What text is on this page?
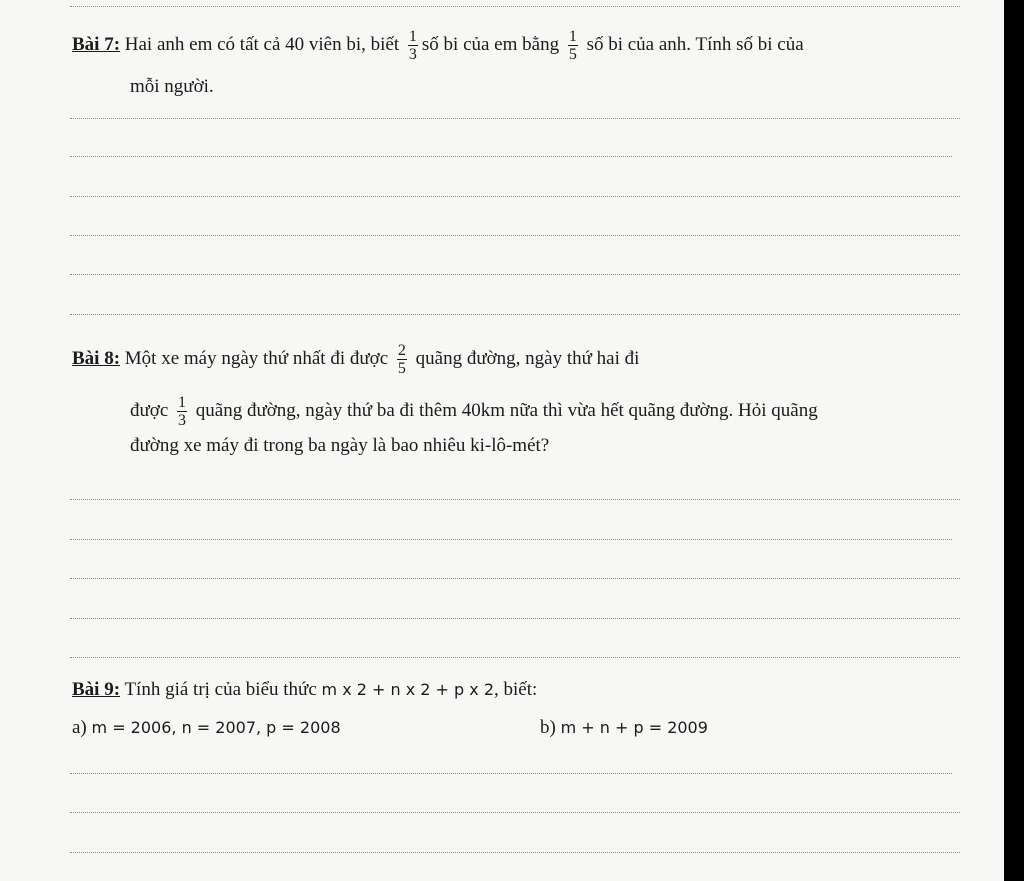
Bài 7: Hai anh em có tất cả 40 viên bi, biết $\frac{1}{3}$ số bi của em bằng $\frac{1}{5}$ số bi của anh. Tính số bi của
mỗi người.
Bài 8: Một xe máy ngày thứ nhất đi được $\frac{2}{5}$ quãng đường, ngày thứ hai đi
được $\frac{1}{3}$ quãng đường, ngày thứ ba đi thêm 40km nữa thì vừa hết quãng đường. Hỏi quãng
đường xe máy đi trong ba ngày là bao nhiêu ki-lô-mét?
Bài 9: Tính giá trị của biểu thức m x 2 + n x 2 + p x 2, biết:
a) m = 2006, n = 2007, p = 2008	b) m + n + p = 2009
